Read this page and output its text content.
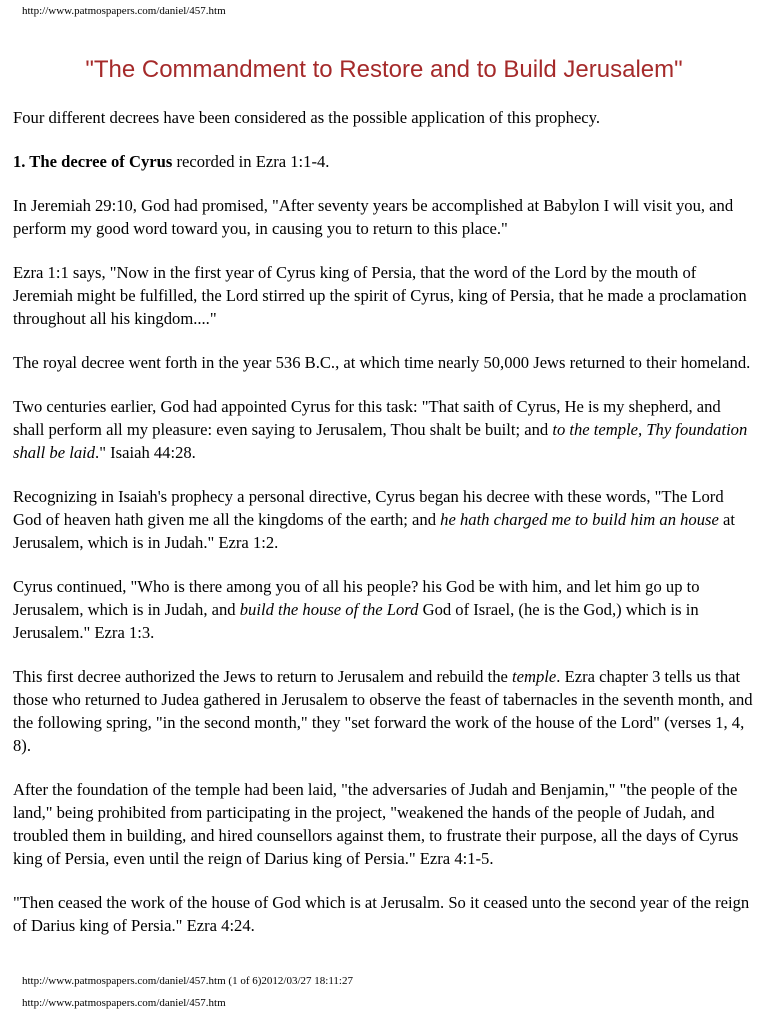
http://www.patmospapers.com/daniel/457.htm
"The Commandment to Restore and to Build Jerusalem"

Four different decrees have been considered as the possible application of this prophecy.

1. The decree of Cyrus recorded in Ezra 1:1-4.

In Jeremiah 29:10, God had promised, "After seventy years be accomplished at Babylon I will visit you, and perform my good word toward you, in causing you to return to this place."

Ezra 1:1 says, "Now in the first year of Cyrus king of Persia, that the word of the Lord by the mouth of Jeremiah might be fulfilled, the Lord stirred up the spirit of Cyrus, king of Persia, that he made a proclamation throughout all his kingdom...."

The royal decree went forth in the year 536 B.C., at which time nearly 50,000 Jews returned to their homeland.

Two centuries earlier, God had appointed Cyrus for this task: "That saith of Cyrus, He is my shepherd, and shall perform all my pleasure: even saying to Jerusalem, Thou shalt be built; and to the temple, Thy foundation shall be laid." Isaiah 44:28.

Recognizing in Isaiah's prophecy a personal directive, Cyrus began his decree with these words, "The Lord God of heaven hath given me all the kingdoms of the earth; and he hath charged me to build him an house at Jerusalem, which is in Judah." Ezra 1:2.

Cyrus continued, "Who is there among you of all his people? his God be with him, and let him go up to Jerusalem, which is in Judah, and build the house of the Lord God of Israel, (he is the God,) which is in Jerusalem." Ezra 1:3.

This first decree authorized the Jews to return to Jerusalem and rebuild the temple. Ezra chapter 3 tells us that those who returned to Judea gathered in Jerusalem to observe the feast of tabernacles in the seventh month, and the following spring, "in the second month," they "set forward the work of the house of the Lord" (verses 1, 4, 8).

After the foundation of the temple had been laid, "the adversaries of Judah and Benjamin," "the people of the land," being prohibited from participating in the project, "weakened the hands of the people of Judah, and troubled them in building, and hired counsellors against them, to frustrate their purpose, all the days of Cyrus king of Persia, even until the reign of Darius king of Persia." Ezra 4:1-5.

"Then ceased the work of the house of God which is at Jerusalm. So it ceased unto the second year of the reign of Darius king of Persia." Ezra 4:24.

http://www.patmospapers.com/daniel/457.htm (1 of 6)2012/03/27 18:11:27
http://www.patmospapers.com/daniel/457.htm
